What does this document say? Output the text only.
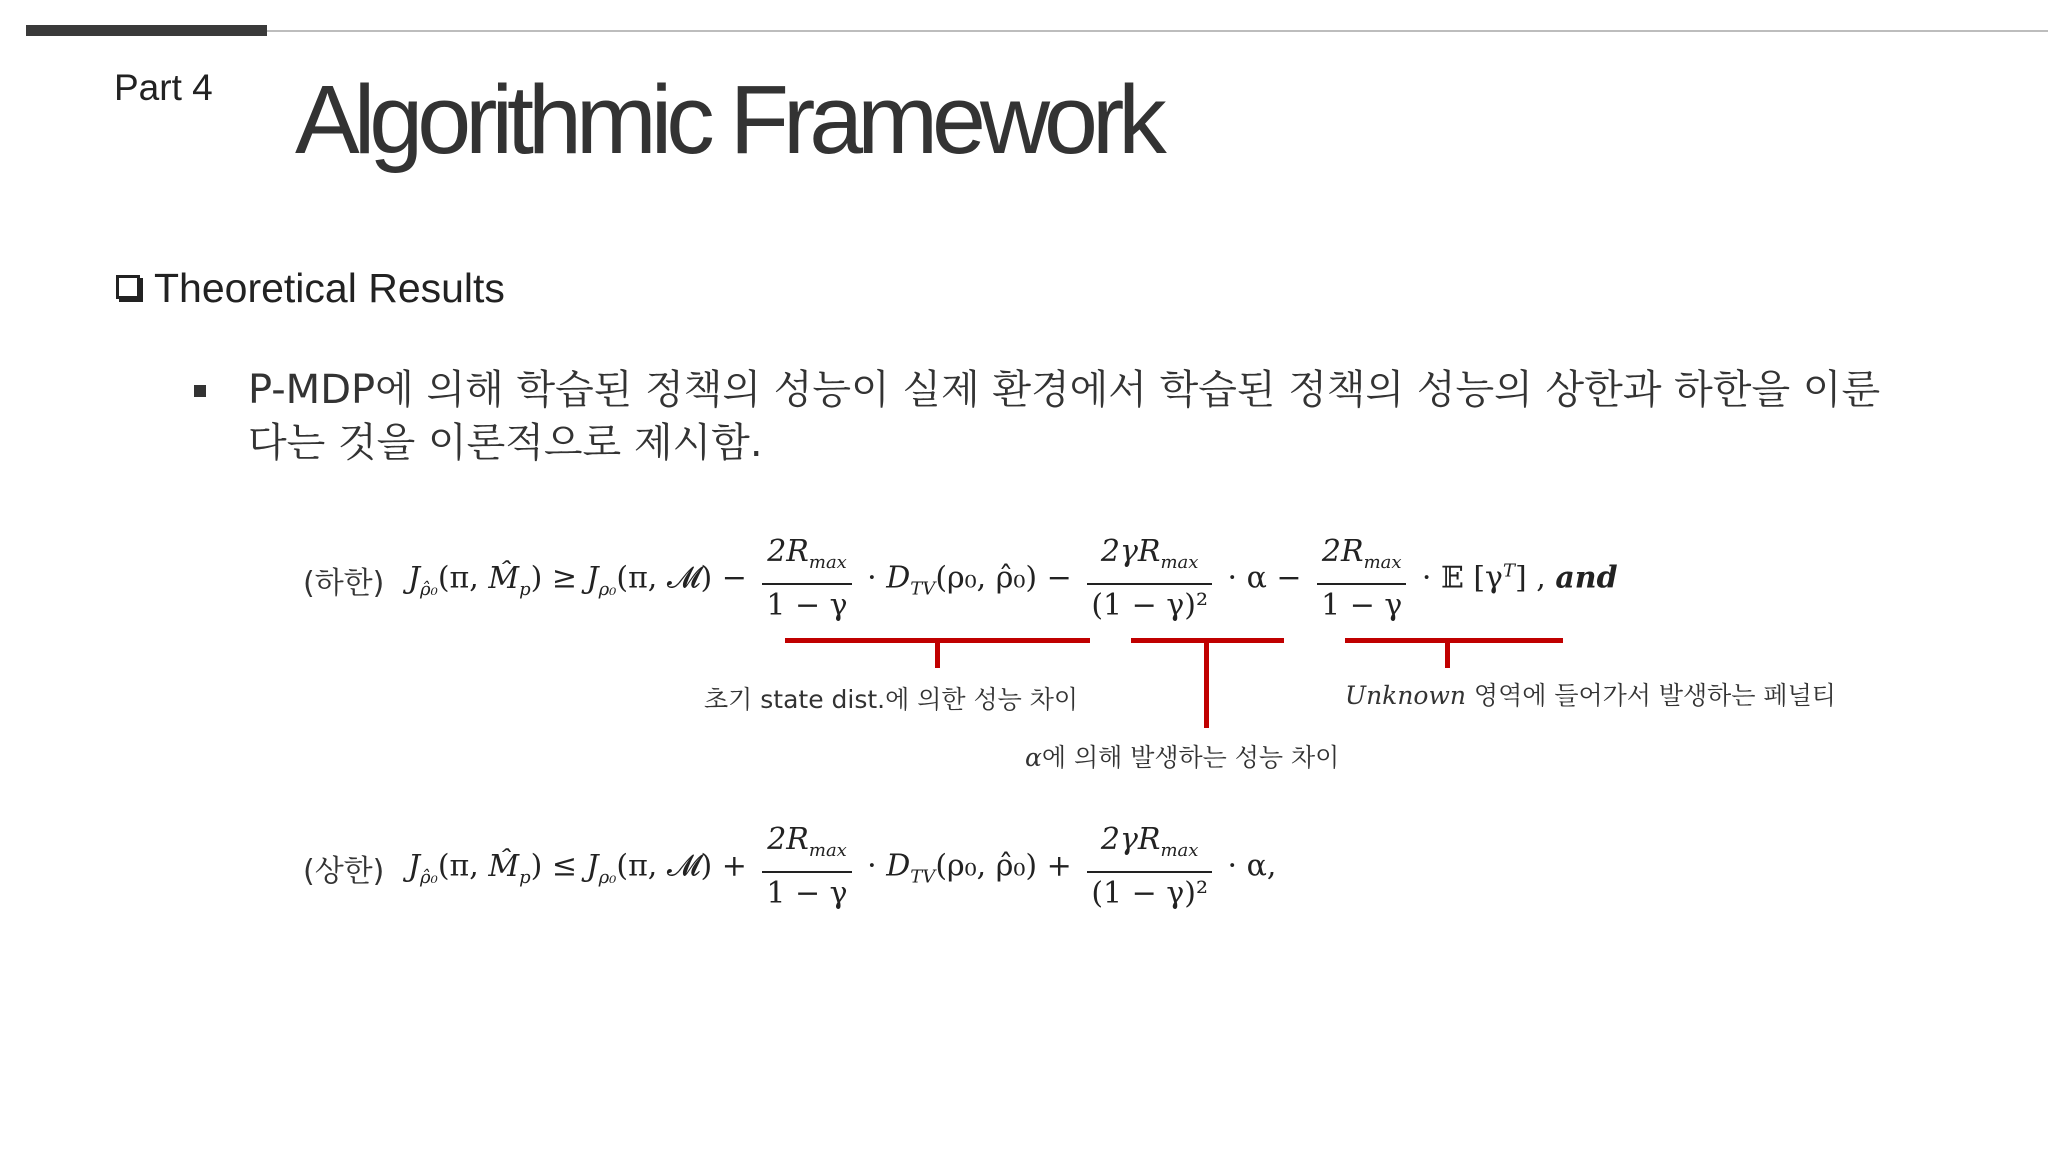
Part 4 Algorithmic Framework
Theoretical Results
P-MDP에 의해 학습된 정책의 성능이 실제 환경에서 학습된 정책의 성능의 상한과 하한을 이룬다는 것을 이론적으로 제시함.
(하한) $J_{\rhô_0}(\pi$, $M̂_p) \ge J_{\rho_0}(\pi$, 𝓜) − $\frac{2R_{max}}{1 - \gamma} \cdot D_{TV}(\rho_0$, ρ̂₀) − $\frac{2\gamma R_{max}}{\text{(1 − γ)²}} \cdot \alpha - \frac{2R_{max}}{1 - \gamma}$ · 𝔼 $[\gamma^T]$ , and
초기 state dist.에 의한 성능 차이
α에 의해 발생하는 성능 차이
Unknown 영역에 들어가서 발생하는 페널티
(상한) $J_{\rhô_0}(\pi$, $M̂_p) \le J_{\rho_0}(\pi$, 𝓜) + $\frac{2R_{max}}{1 - \gamma} \cdot D_{TV}(\rho_0$, ρ̂₀) + $\frac{2\gamma R_{max}}{\text{(1 − γ)²}} \cdot \alpha$,
